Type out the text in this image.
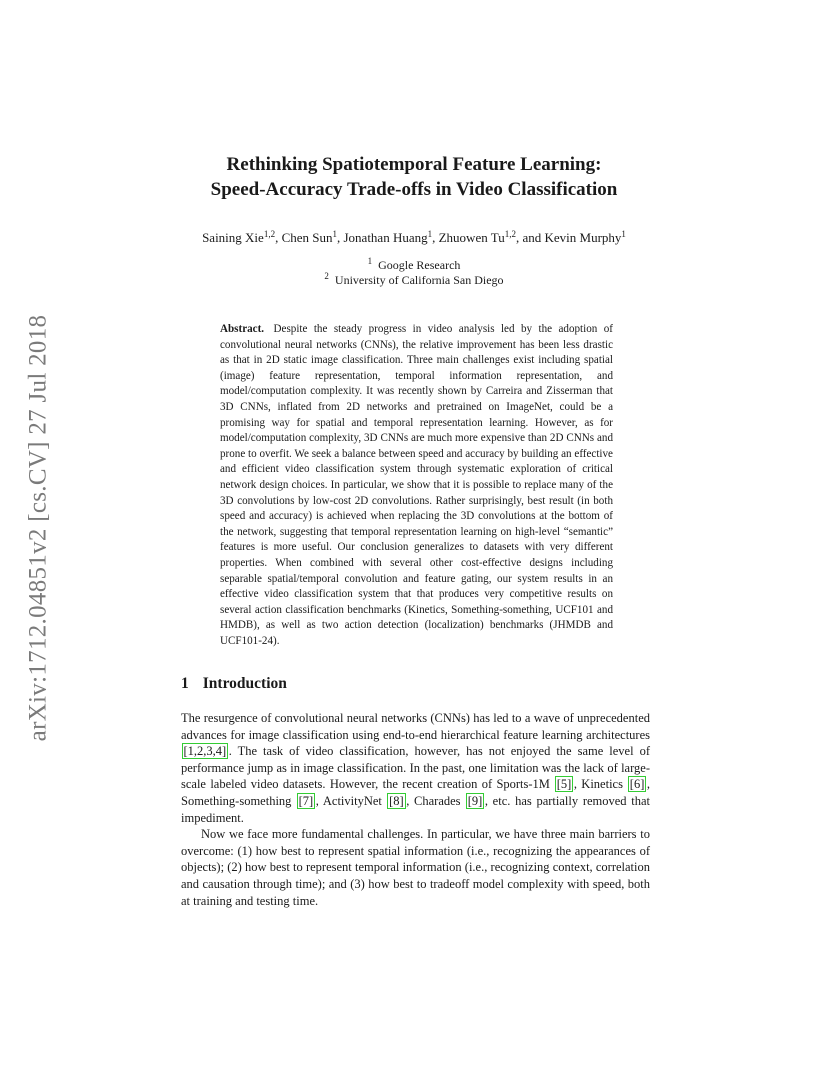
arXiv:1712.04851v2 [cs.CV] 27 Jul 2018
Rethinking Spatiotemporal Feature Learning:
Speed-Accuracy Trade-offs in Video Classification
Saining Xie$^{1,2}$, Chen Sun$^1$, Jonathan Huang$^1$, Zhuowen Tu$^{1,2}$, and Kevin Murphy$^1$
$^1$ Google Research
$^2$ University of California San Diego
Abstract. Despite the steady progress in video analysis led by the adoption of convolutional neural networks (CNNs), the relative improvement has been less drastic as that in 2D static image classification. Three main challenges exist including spatial (image) feature representation, temporal information representation, and model/computation complexity. It was recently shown by Carreira and Zisserman that 3D CNNs, inflated from 2D networks and pretrained on ImageNet, could be a promising way for spatial and temporal representation learning. However, as for model/computation complexity, 3D CNNs are much more expensive than 2D CNNs and prone to overfit. We seek a balance between speed and accuracy by building an effective and efficient video classification system through systematic exploration of critical network design choices. In particular, we show that it is possible to replace many of the 3D convolutions by low-cost 2D convolutions. Rather surprisingly, best result (in both speed and accuracy) is achieved when replacing the 3D convolutions at the bottom of the network, suggesting that temporal representation learning on high-level “semantic” features is more useful. Our conclusion generalizes to datasets with very different properties. When combined with several other cost-effective designs including separable spatial/temporal convolution and feature gating, our system results in an effective video classification system that that produces very competitive results on several action classification benchmarks (Kinetics, Something-something, UCF101 and HMDB), as well as two action detection (localization) benchmarks (JHMDB and UCF101-24).
1 Introduction

The resurgence of convolutional neural networks (CNNs) has led to a wave of unprecedented advances for image classification using end-to-end hierarchical feature learning architectures [1,2,3,4] . The task of video classification, however, has not enjoyed the same level of performance jump as in image classification. In the past, one limitation was the lack of large-scale labeled video datasets. However, the recent creation of Sports-1M [5] , Kinetics [6] , Something-something [7] , ActivityNet [8] , Charades [9] , etc. has partially removed that impediment.

Now we face more fundamental challenges. In particular, we have three main barriers to overcome: (1) how best to represent spatial information (i.e., recognizing the appearances of objects); (2) how best to represent temporal information (i.e., recognizing context, correlation and causation through time); and (3) how best to tradeoff model complexity with speed, both at training and testing time.
